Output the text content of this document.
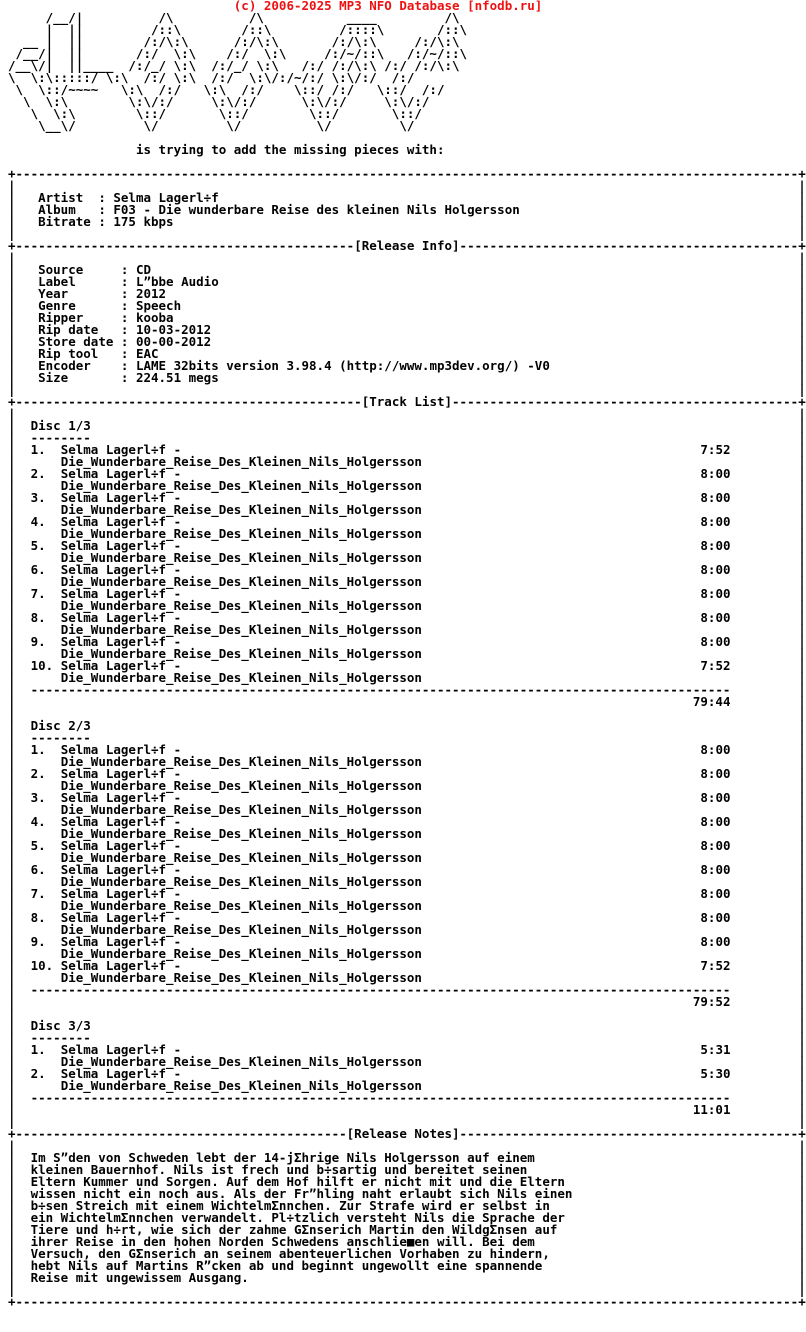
(c) 2006-2025 MP3 NFO Database [nfodb.ru]
/__/|          /\          /\           ____         /\
|  ||         /::\        /::\         /::::\       /::\
__ |  ||        /:/\:\      /:/\:\       /:/\:\     /:/\:\
/__/|  ||       /:/  \:\    /:/  \:\     /:/~/::\   /:/~/::\
/__\/|  ||____  /:/_/ \:\  /:/_/ \:\   /:/ /:/\:\ /:/ /:/\:\
\  \:\:::::/ \:\  /:/ \:\  /:/  \:\/:/~/:/ \:\/:/  /:/
\  \::/~~~~   \:\  /:/   \:\  /:/    \::/ /:/   \::/  /:/
\  \:\        \:\/:/     \:\/:/      \:\/:/     \:\/:/
\  \:\        \::/       \::/        \::/       \::/
\__\/         \/         \/          \/         \/

is trying to add the missing pieces with:

+--------------------------------------------------------------------------------------------------------+
|                                                                                                        |
|   Artist  : Selma Lagerl÷f	|
|   Album   : F03 - Die wunderbare Reise des kleinen Nils Holgersson	|
|   Bitrate : 175 kbps	|
|                                                                                                        |
+---------------------------------------------[Release Info]---------------------------------------------+
|                                                                                                        |
|   Source     : CD	|
|   Label      : L”bbe Audio	|
|   Year       : 2012	|
|   Genre      : Speech	|
|   Ripper     : kooba	|
|   Rip date   : 10-03-2012	|
|   Store date : 00-00-2012	|
|   Rip tool   : EAC	|
|   Encoder    : LAME 32bits version 3.98.4 (http://www.mp3dev.org/) -V0	|
|   Size       : 224.51 megs	|
|                                                                                                        |
+----------------------------------------------[Track List]----------------------------------------------+
|                                                                                                        |
|  Disc 1/3	|
|  --------	|
|  1.  Selma Lagerl÷f -	7:52	|
|      Die_Wunderbare_Reise_Des_Kleinen_Nils_Holgersson	|
|  2.  Selma Lagerl÷f -	8:00	|
|      Die_Wunderbare_Reise_Des_Kleinen_Nils_Holgersson	|
|  3.  Selma Lagerl÷f -	8:00	|
|      Die_Wunderbare_Reise_Des_Kleinen_Nils_Holgersson	|
|  4.  Selma Lagerl÷f -	8:00	|
|      Die_Wunderbare_Reise_Des_Kleinen_Nils_Holgersson	|
|  5.  Selma Lagerl÷f -	8:00	|
|      Die_Wunderbare_Reise_Des_Kleinen_Nils_Holgersson	|
|  6.  Selma Lagerl÷f -	8:00	|
|      Die_Wunderbare_Reise_Des_Kleinen_Nils_Holgersson	|
|  7.  Selma Lagerl÷f -	8:00	|
|      Die_Wunderbare_Reise_Des_Kleinen_Nils_Holgersson	|
|  8.  Selma Lagerl÷f -	8:00	|
|      Die_Wunderbare_Reise_Des_Kleinen_Nils_Holgersson	|
|  9.  Selma Lagerl÷f -	8:00	|
|      Die_Wunderbare_Reise_Des_Kleinen_Nils_Holgersson	|
|  10. Selma Lagerl÷f -	7:52	|
|      Die_Wunderbare_Reise_Des_Kleinen_Nils_Holgersson	|
|  ---------------------------------------------------------------------------------------------	|
|                                                                                          79:44	|
|                                                                                                        |
|  Disc 2/3	|
|  --------	|
|  1.  Selma Lagerl÷f -	8:00	|
|      Die_Wunderbare_Reise_Des_Kleinen_Nils_Holgersson	|
|  2.  Selma Lagerl÷f -	8:00	|
|      Die_Wunderbare_Reise_Des_Kleinen_Nils_Holgersson	|
|  3.  Selma Lagerl÷f -	8:00	|
|      Die_Wunderbare_Reise_Des_Kleinen_Nils_Holgersson	|
|  4.  Selma Lagerl÷f -	8:00	|
|      Die_Wunderbare_Reise_Des_Kleinen_Nils_Holgersson	|
|  5.  Selma Lagerl÷f -	8:00	|
|      Die_Wunderbare_Reise_Des_Kleinen_Nils_Holgersson	|
|  6.  Selma Lagerl÷f -	8:00	|
|      Die_Wunderbare_Reise_Des_Kleinen_Nils_Holgersson	|
|  7.  Selma Lagerl÷f -	8:00	|
|      Die_Wunderbare_Reise_Des_Kleinen_Nils_Holgersson	|
|  8.  Selma Lagerl÷f -	8:00	|
|      Die_Wunderbare_Reise_Des_Kleinen_Nils_Holgersson	|
|  9.  Selma Lagerl÷f -	8:00	|
|      Die_Wunderbare_Reise_Des_Kleinen_Nils_Holgersson	|
|  10. Selma Lagerl÷f -	7:52	|
|      Die_Wunderbare_Reise_Des_Kleinen_Nils_Holgersson	|
|  ---------------------------------------------------------------------------------------------	|
|                                                                                          79:52	|
|                                                                                                        |
|  Disc 3/3	|
|  --------	|
|  1.  Selma Lagerl÷f -	5:31	|
|      Die_Wunderbare_Reise_Des_Kleinen_Nils_Holgersson	|
|  2.  Selma Lagerl÷f -	5:30	|
|      Die_Wunderbare_Reise_Des_Kleinen_Nils_Holgersson	|
|  ---------------------------------------------------------------------------------------------	|
|                                                                                          11:01	|
|                                                                                                        |
+--------------------------------------------[Release Notes]---------------------------------------------+
|                                                                                                        |
|  Im S”den von Schweden lebt der 14-jΣhrige Nils Holgersson auf einem	|
|  kleinen Bauernhof. Nils ist frech und b÷sartig und bereitet seinen	|
|  Eltern Kummer und Sorgen. Auf dem Hof hilft er nicht mit und die Eltern	|
|  wissen nicht ein noch aus. Als der Fr”hling naht erlaubt sich Nils einen	|
|  b÷sen Streich mit einem WichtelmΣnnchen. Zur Strafe wird er selbst in	|
|  ein WichtelmΣnnchen verwandelt. Pl÷tzlich versteht Nils die Sprache der	|
|  Tiere und h÷rt, wie sich der zahme GΣnserich Martin den WildgΣnsen auf	|
|  ihrer Reise in den hohen Norden Schwedens anschlie■en will. Bei dem	|
|  Versuch, den GΣnserich an seinem abenteuerlichen Vorhaben zu hindern,	|
|  hebt Nils auf Martins R”cken ab und beginnt ungewollt eine spannende	|
|  Reise mit ungewissem Ausgang.	|
|                                                                                                        |
+--------------------------------------------------------------------------------------------------------+
